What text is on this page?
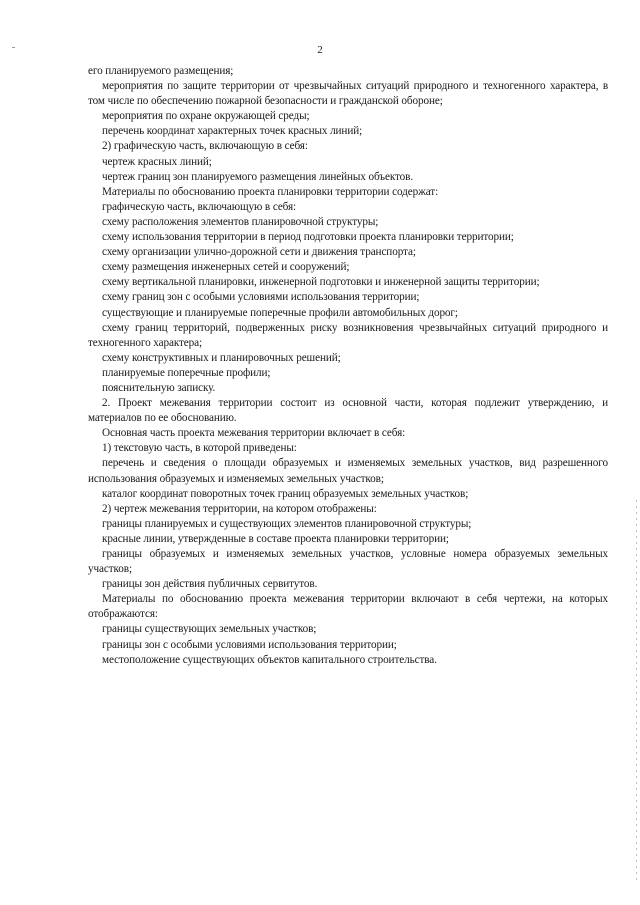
2

его планируемого размещения;

мероприятия по защите территории от чрезвычайных ситуаций природного и техногенного характера, в том числе по обеспечению пожарной безопасности и гражданской обороне;

мероприятия по охране окружающей среды;

перечень координат характерных точек красных линий;

2) графическую часть, включающую в себя:

чертеж красных линий;

чертеж границ зон планируемого размещения линейных объектов.

Материалы по обоснованию проекта планировки территории содержат:

графическую часть, включающую в себя:

схему расположения элементов планировочной структуры;

схему использования территории в период подготовки проекта планировки территории;

схему организации улично-дорожной сети и движения транспорта;

схему размещения инженерных сетей и сооружений;

схему вертикальной планировки, инженерной подготовки и инженерной защиты территории;

схему границ зон с особыми условиями использования территории;

существующие и планируемые поперечные профили автомобильных дорог;

схему границ территорий, подверженных риску возникновения чрезвычайных ситуаций природного и техногенного характера;

схему конструктивных и планировочных решений;

планируемые поперечные профили;

пояснительную записку.

2. Проект межевания территории состоит из основной части, которая подлежит утверждению, и материалов по ее обоснованию.

Основная часть проекта межевания территории включает в себя:

1) текстовую часть, в которой приведены:

перечень и сведения о площади образуемых и изменяемых земельных участков, вид разрешенного использования образуемых и изменяемых земельных участков;

каталог координат поворотных точек границ образуемых земельных участков;

2) чертеж межевания территории, на котором отображены:

границы планируемых и существующих элементов планировочной структуры;

красные линии, утвержденные в составе проекта планировки территории;

границы образуемых и изменяемых земельных участков, условные номера образуемых земельных участков;

границы зон действия публичных сервитутов.

Материалы по обоснованию проекта межевания территории включают в себя чертежи, на которых отображаются:

границы существующих земельных участков;

границы зон с особыми условиями использования территории;

местоположение существующих объектов капитального строительства.
